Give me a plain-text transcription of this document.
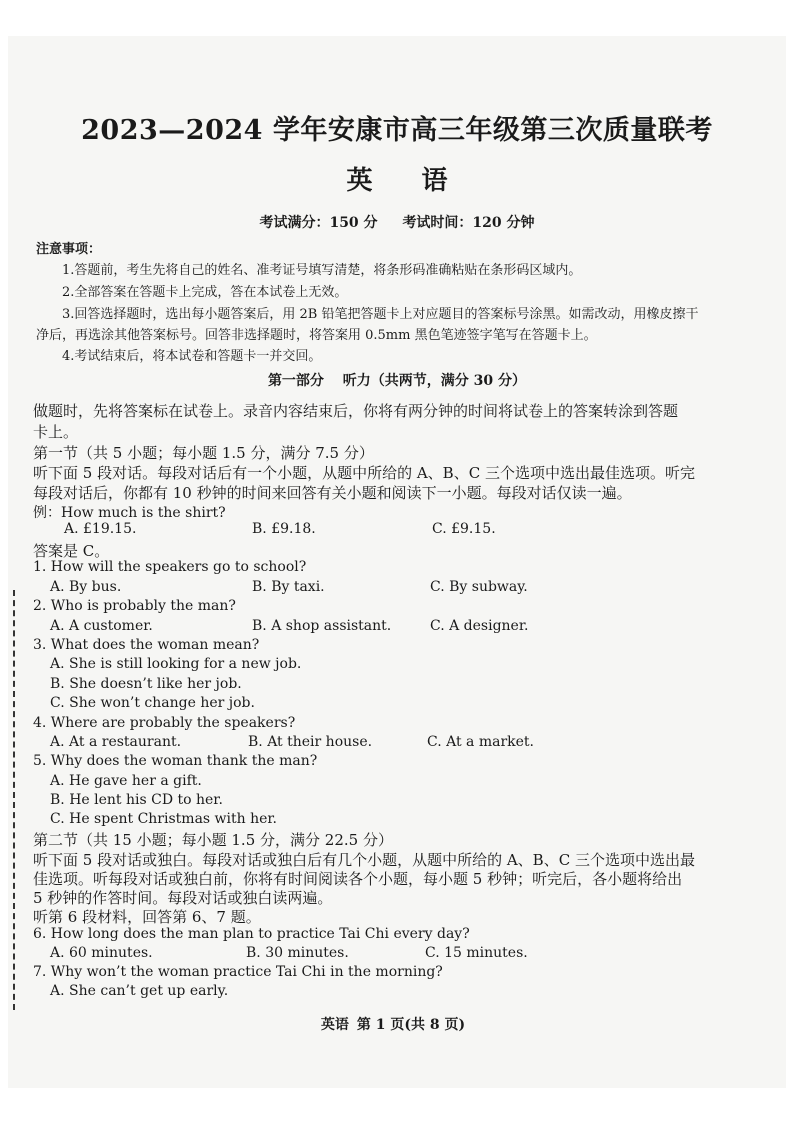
2023—2024 学年安康市高三年级第三次质量联考
英 语
考试满分：150 分 考试时间：120 分钟
注意事项：
1.答题前，考生先将自己的姓名、准考证号填写清楚，将条形码准确粘贴在条形码区域内。
2.全部答案在答题卡上完成，答在本试卷上无效。
3.回答选择题时，选出每小题答案后，用 2B 铅笔把答题卡上对应题目的答案标号涂黑。如需改动，用橡皮擦干
净后，再选涂其他答案标号。回答非选择题时，将答案用 0.5mm 黑色笔迹签字笔写在答题卡上。
4.考试结束后，将本试卷和答题卡一并交回。
第一部分　 听力（共两节，满分 30 分）
做题时，先将答案标在试卷上。录音内容结束后，你将有两分钟的时间将试卷上的答案转涂到答题
卡上。
第一节（共 5 小题；每小题 1.5 分，满分 7.5 分）
听下面 5 段对话。每段对话后有一个小题，从题中所给的 A、B、C 三个选项中选出最佳选项。听完
每段对话后，你都有 10 秒钟的时间来回答有关小题和阅读下一小题。每段对话仅读一遍。
例：How much is the shirt?
A. £19.15.	B. £9.18.	C. £9.15.
答案是 C。
1. How will the speakers go to school?
A. By bus.	B. By taxi.	C. By subway.
2. Who is probably the man?
A. A customer.	B. A shop assistant.	C. A designer.
3. What does the woman mean?
A. She is still looking for a new job.
B. She doesn’t like her job.
C. She won’t change her job.
4. Where are probably the speakers?
A. At a restaurant.	B. At their house.	C. At a market.
5. Why does the woman thank the man?
A. He gave her a gift.
B. He lent his CD to her.
C. He spent Christmas with her.
第二节（共 15 小题；每小题 1.5 分，满分 22.5 分）
听下面 5 段对话或独白。每段对话或独白后有几个小题，从题中所给的 A、B、C 三个选项中选出最
佳选项。听每段对话或独白前，你将有时间阅读各个小题，每小题 5 秒钟；听完后，各小题将给出
5 秒钟的作答时间。每段对话或独白读两遍。
听第 6 段材料，回答第 6、7 题。
6. How long does the man plan to practice Tai Chi every day?
A. 60 minutes.	B. 30 minutes.	C. 15 minutes.
7. Why won’t the woman practice Tai Chi in the morning?
A. She can’t get up early.
英语 第 1 页(共 8 页)
